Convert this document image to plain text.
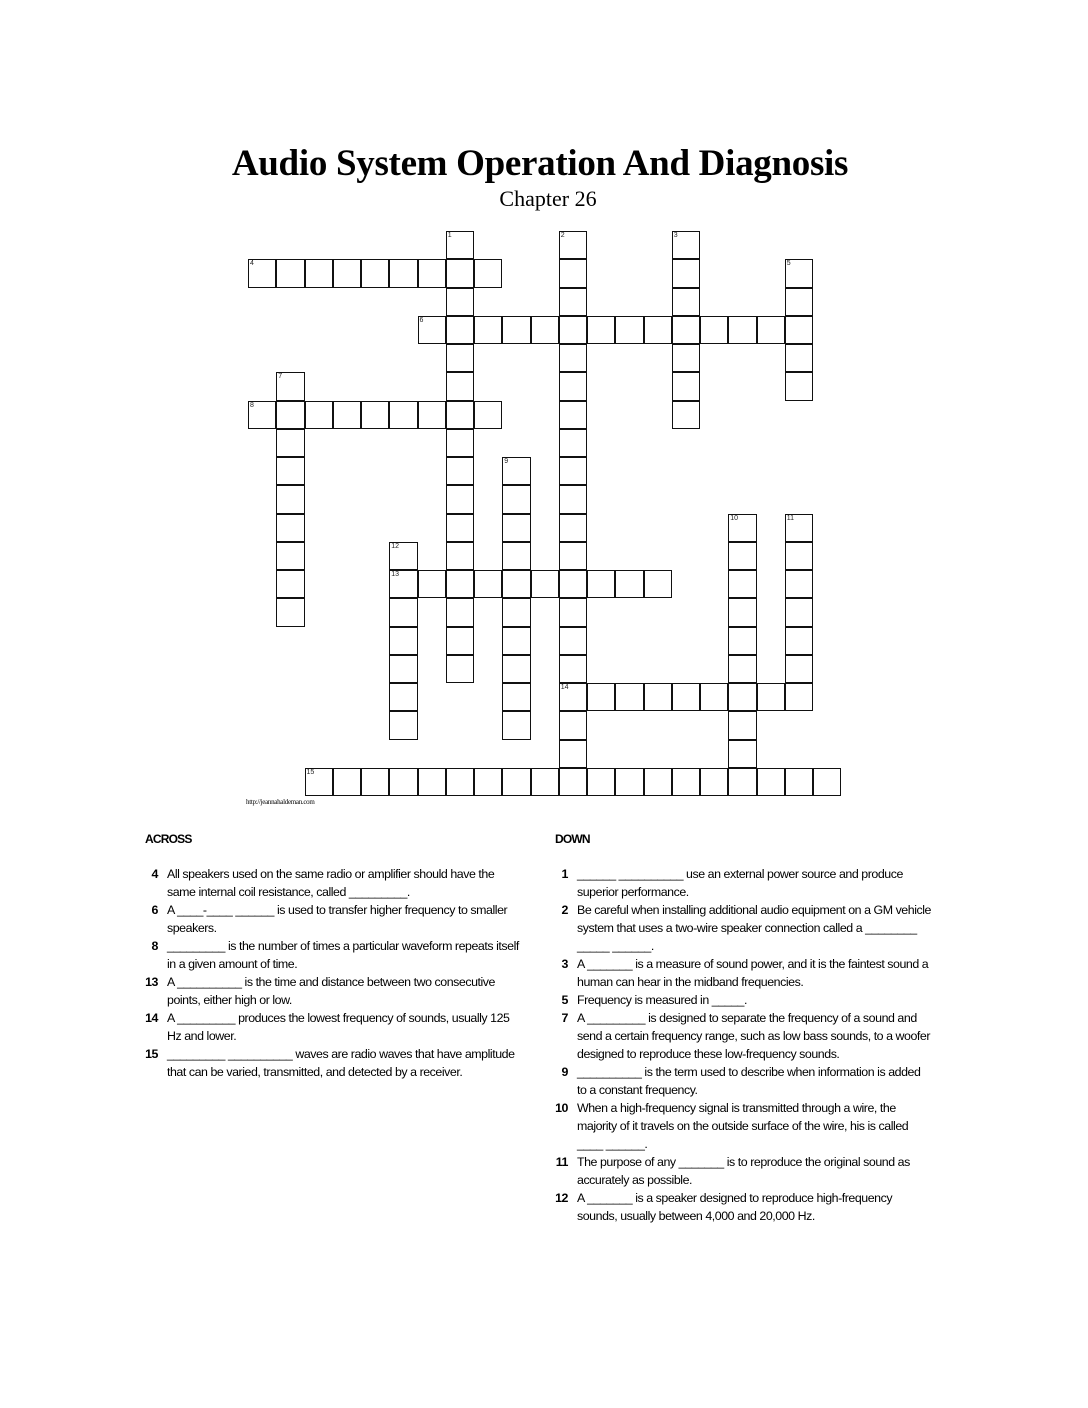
Audio System Operation And Diagnosis
Chapter 26
1	2
14
3
4	5
6
7
8
9
10	11
12
13
15
http://jeannahaldeman.com
ACROSS	DOWN
4 All speakers used on the same radio or amplifier should have the same internal coil resistance, called _________.
6 A ____-____ ______ is used to transfer higher frequency to smaller speakers.
8 _________ is the number of times a particular waveform repeats itself in a given amount of time.
13 A __________ is the time and distance between two consecutive points, either high or low.
14 A _________ produces the lowest frequency of sounds, usually 125 Hz and lower.
15 _________ __________ waves are radio waves that have amplitude that can be varied, transmitted, and detected by a receiver.
1 ______ __________ use an external power source and produce superior performance.
2 Be careful when installing additional audio equipment on a GM vehicle system that uses a two-wire speaker connection called a ________ _____ ______.
3 A _______ is a measure of sound power, and it is the faintest sound a human can hear in the midband frequencies.
5 Frequency is measured in _____.
7 A _________ is designed to separate the frequency of a sound and send a certain frequency range, such as low bass sounds, to a woofer designed to reproduce these low-frequency sounds.
9 __________ is the term used to describe when information is added to a constant frequency.
10 When a high-frequency signal is transmitted through a wire, the majority of it travels on the outside surface of the wire, his is called ____ ______.
11 The purpose of any _______ is to reproduce the original sound as accurately as possible.
12 A _______ is a speaker designed to reproduce high-frequency sounds, usually between 4,000 and 20,000 Hz.
